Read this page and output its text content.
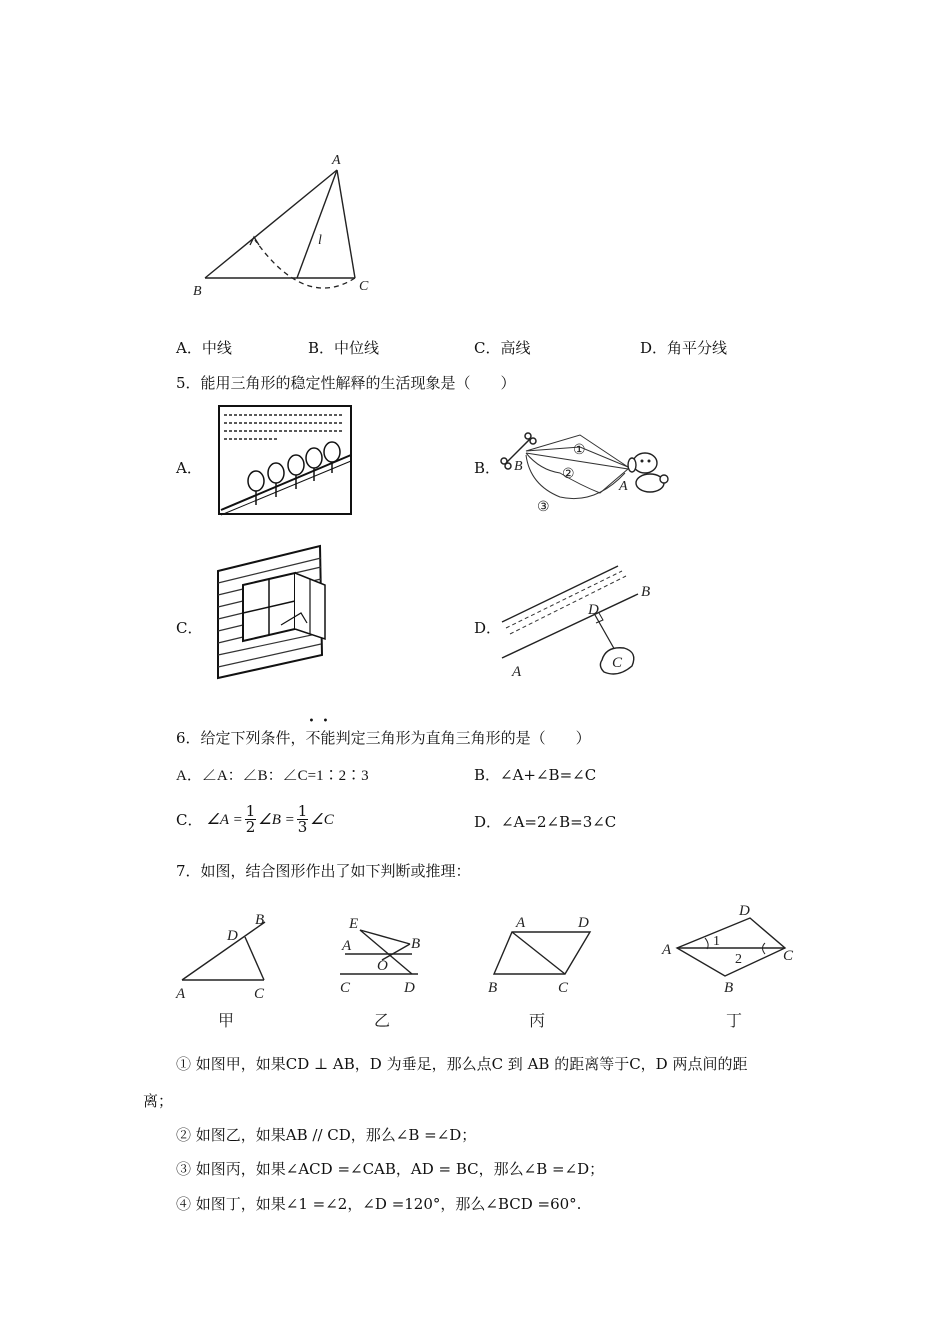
A
B	C
l
A．中线	B．中位线	C．高线	D．角平分线
5．能用三角形的稳定性解释的生活现象是（　　）
A．	B． B
A
①
②
③
C．	D．
A
B
D
C
6．给定下列条件，
••
不能判定三角形为直角三角形的是（　　）
A．∠A：∠B：∠C=1∶2∶3	B．∠A+∠B=∠C
C． ∠A = $\frac{1}{2}$ ∠B = $\frac{1}{3}$ ∠C	D．∠A=2∠B=3∠C
7．如图，结合图形作出了如下判断或推理：
A
B
C
D
甲
E
A	B
O
C	D
乙
A	D
B	C
丙
A
D
C
B
1
2
丁
① 如图甲，如果CD ⊥ AB，D 为垂足，那么点C 到 AB 的距离等于C，D 两点间的距
离；
② 如图乙，如果AB // CD，那么∠B =∠D；
③ 如图丙，如果∠ACD =∠CAB，AD = BC，那么∠B =∠D；
④ 如图丁，如果∠1 =∠2，∠D =120°，那么∠BCD =60°.
